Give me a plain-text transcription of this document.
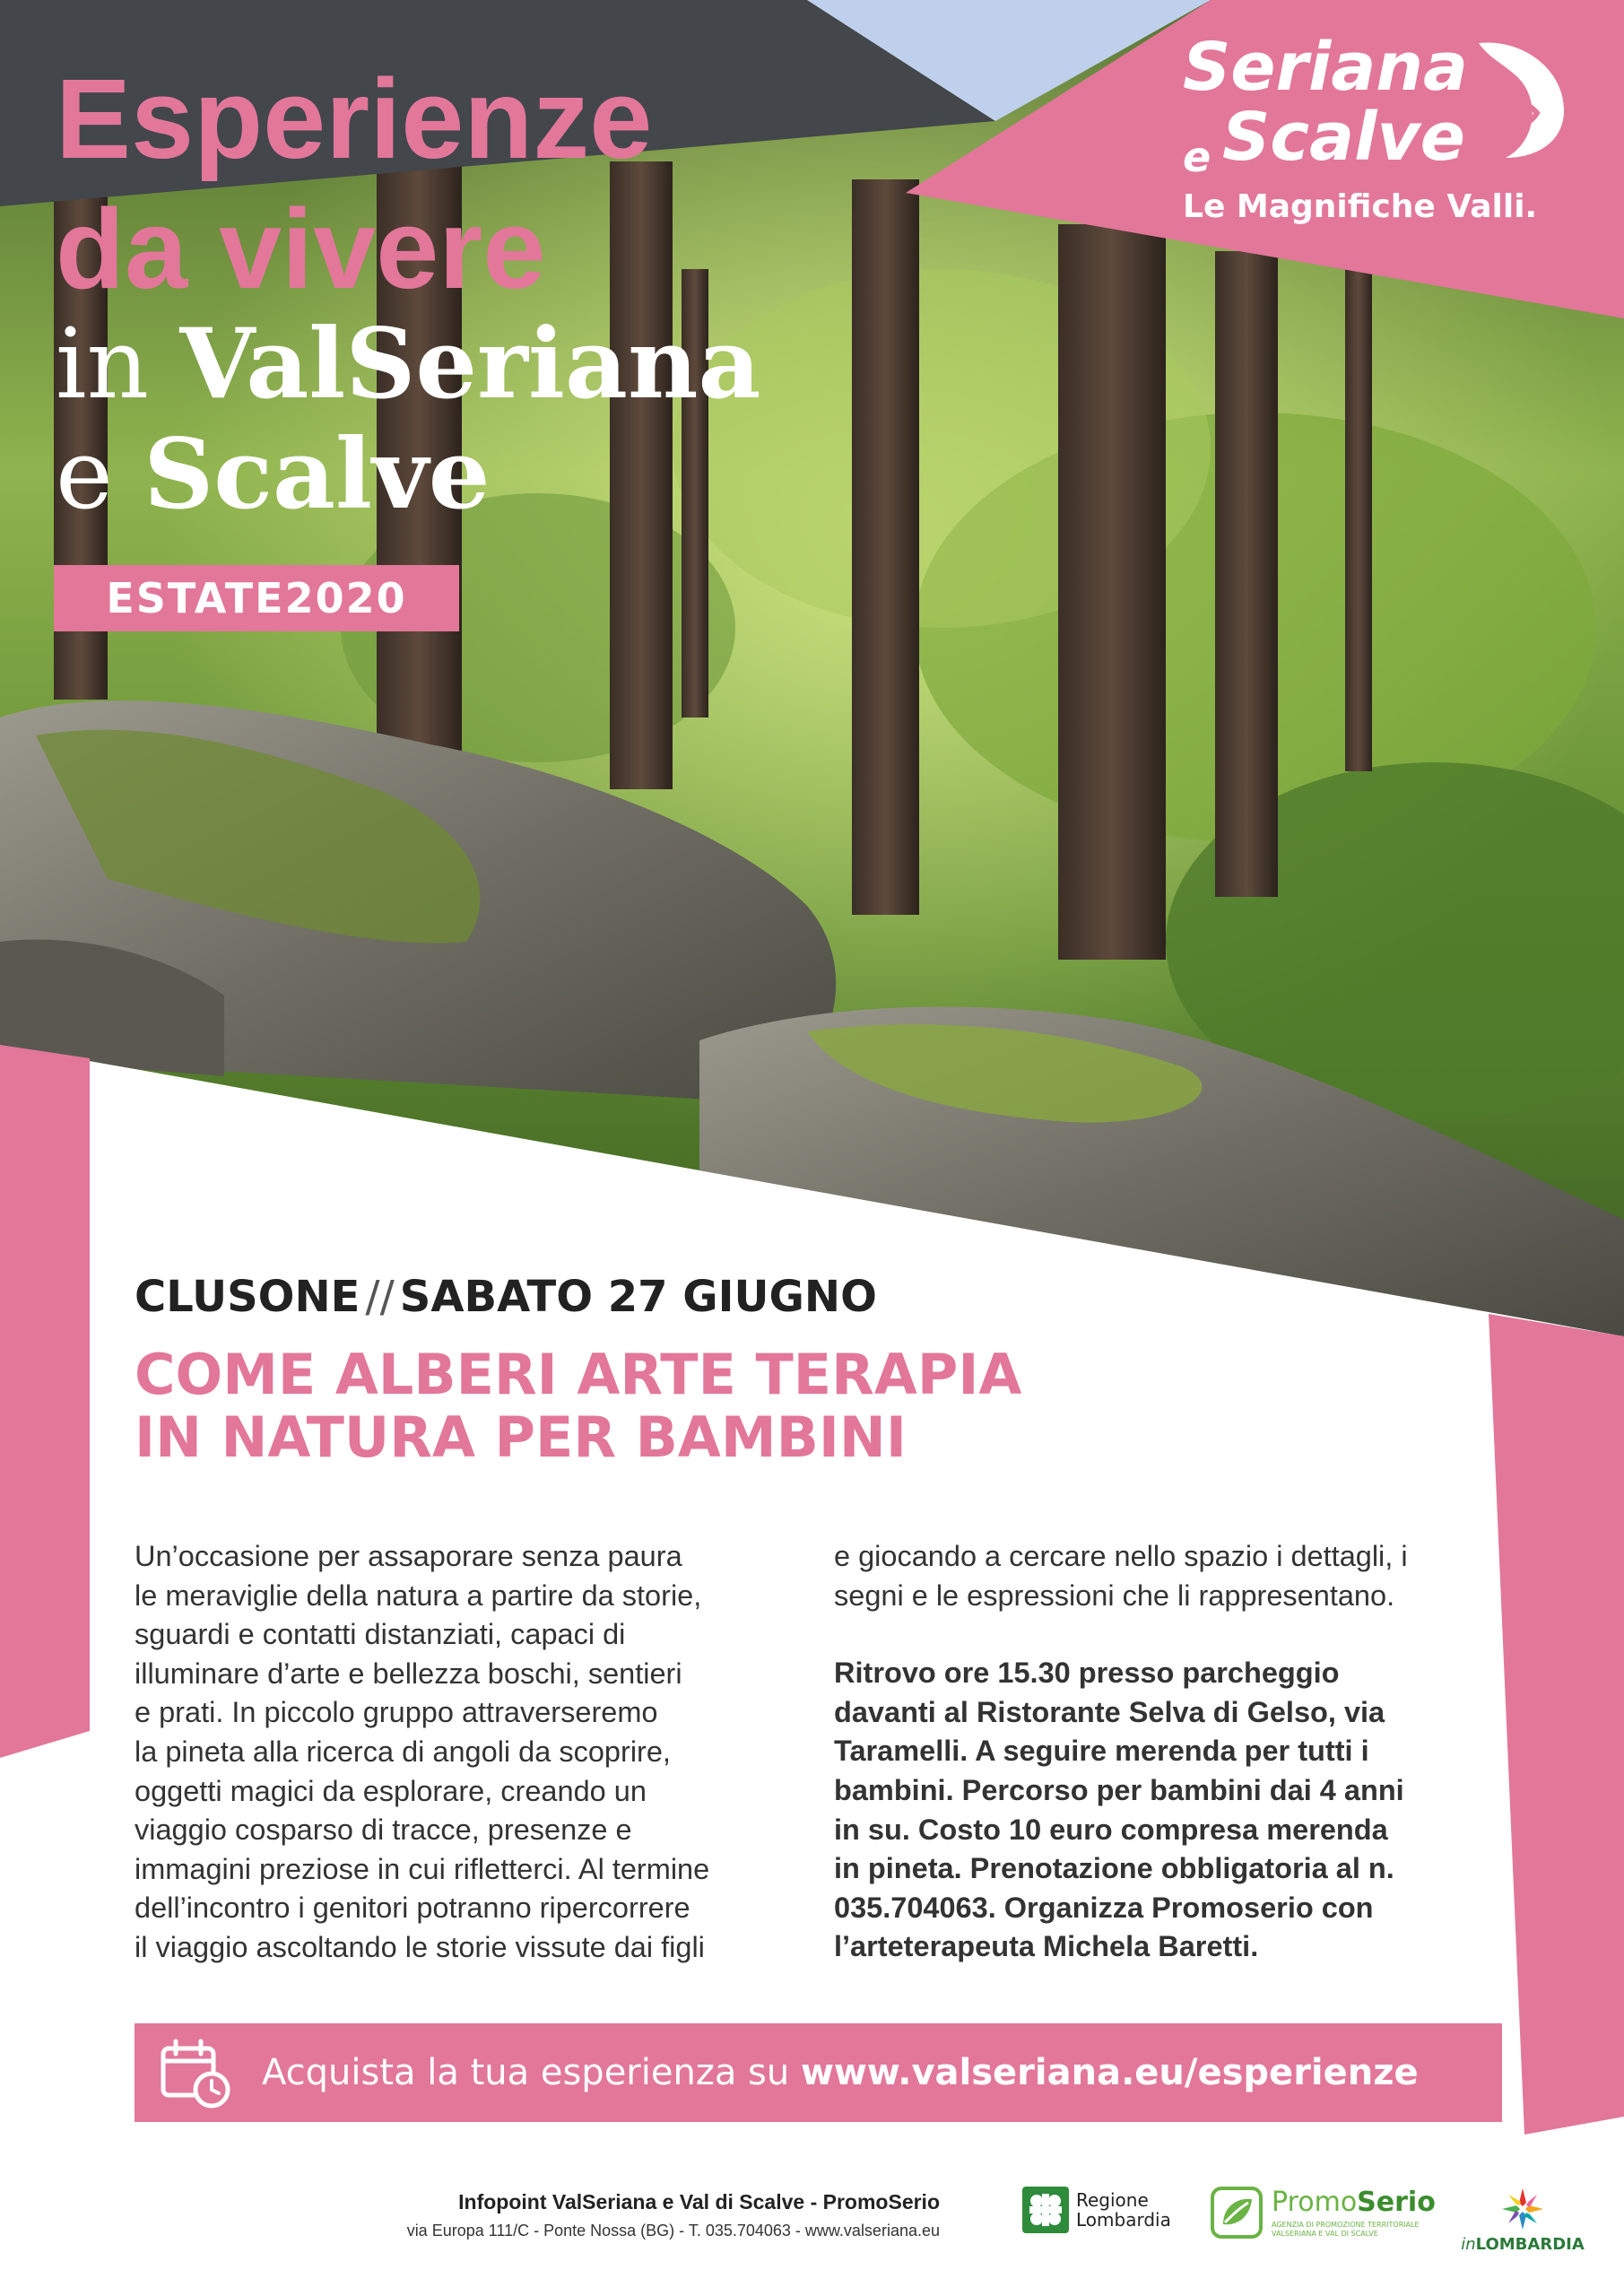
Esperienze
da vivere
in ValSeriana
e Scalve
ESTATE2020
Seriana
e Scalve
Le Magnifiche Valli.
CLUSONE // SABATO 27 GIUGNO
COME ALBERI ARTE TERAPIA
IN NATURA PER BAMBINI
Un’occasione per assaporare senza paura
le meraviglie della natura a partire da storie,
sguardi e contatti distanziati, capaci di
illuminare d’arte e bellezza boschi, sentieri
e prati. In piccolo gruppo attraverseremo
la pineta alla ricerca di angoli da scoprire,
oggetti magici da esplorare, creando un
viaggio cosparso di tracce, presenze e
immagini preziose in cui rifletterci. Al termine
dell’incontro i genitori potranno ripercorrere
il viaggio ascoltando le storie vissute dai figli
e giocando a cercare nello spazio i dettagli, i
segni e le espressioni che li rappresentano.
Ritrovo ore 15.30 presso parcheggio
davanti al Ristorante Selva di Gelso, via
Taramelli. A seguire merenda per tutti i
bambini. Percorso per bambini dai 4 anni
in su. Costo 10 euro compresa merenda
in pineta. Prenotazione obbligatoria al n.
035.704063. Organizza Promoserio con
l’arteterapeuta Michela Baretti.
Acquista la tua esperienza su www.valseriana.eu/esperienze
Infopoint ValSeriana e Val di Scalve - PromoSerio
via Europa 111/C - Ponte Nossa (BG) - T. 035.704063 - www.valseriana.eu
Regione
Lombardia
PromoSerio
AGENZIA DI PROMOZIONE TERRITORIALE
VALSERIANA E VAL DI SCALVE
inLOMBARDIA
